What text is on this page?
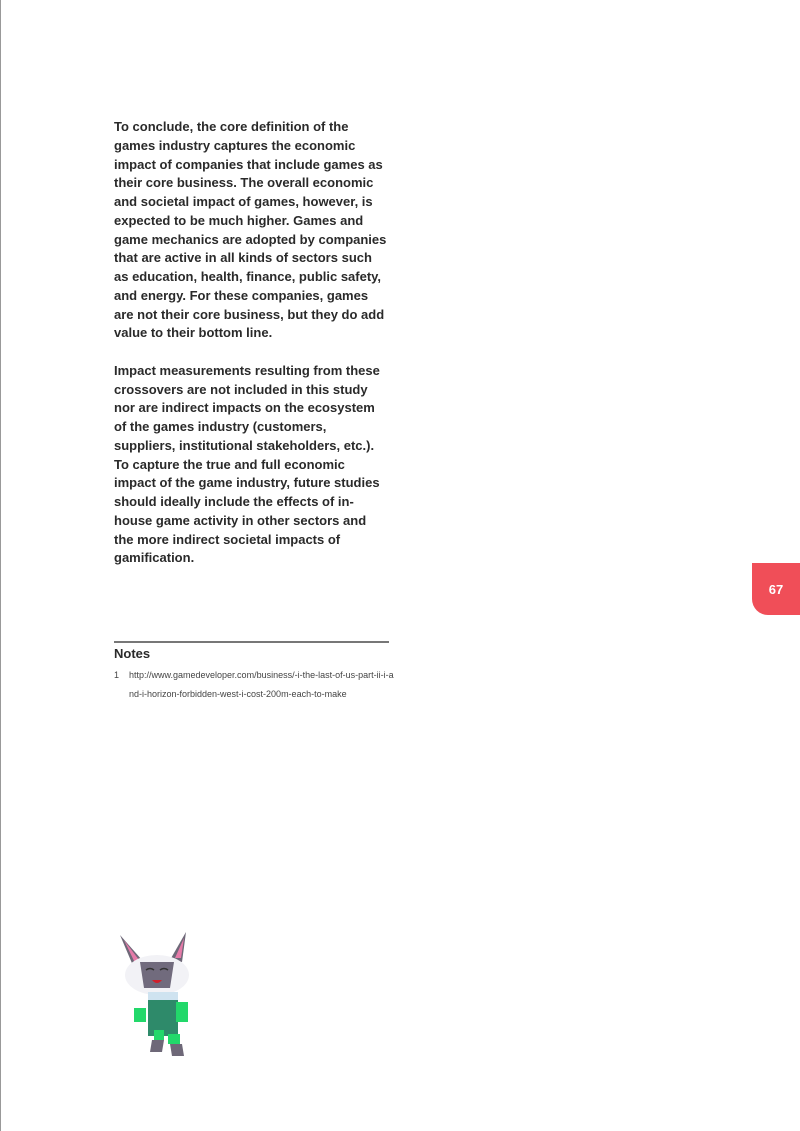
To conclude, the core definition of the games industry captures the economic impact of companies that include games as their core business. The overall economic and societal impact of games, however, is expected to be much higher. Games and game mechanics are adopted by companies that are active in all kinds of sectors such as education, health, finance, public safety, and energy. For these companies, games are not their core business, but they do add value to their bottom line.

Impact measurements resulting from these crossovers are not included in this study nor are indirect impacts on the ecosystem of the games industry (customers, suppliers, institutional stakeholders, etc.). To capture the true and full economic impact of the game industry, future studies should ideally include the effects of in-house game activity in other sectors and the more indirect societal impacts of gamification.

Notes
1 http://www.gamedeveloper.com/business/-i-the-last-of-us-part-ii-i-and-i-horizon-forbidden-west-i-cost-200m-each-to-make
67
